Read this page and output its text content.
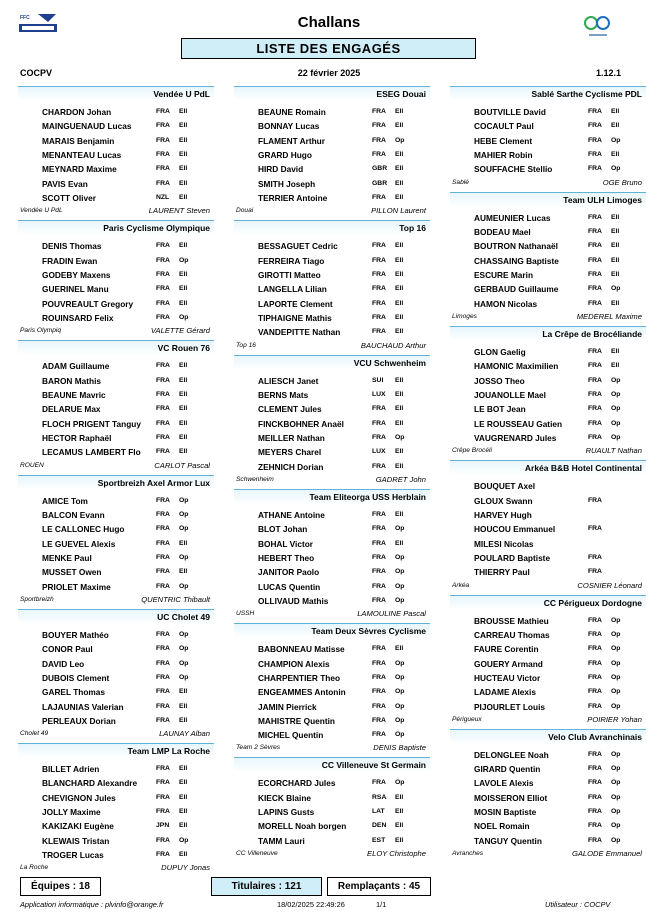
FFC	Challans
LISTE DES ENGAGÉS
COCPV	22 février 2025	1.12.1
Vendée U PdL
CHARDON Johan	FRA Ell
MAINGUENAUD Lucas	FRA Ell
MARAIS Benjamin	FRA Ell
MENANTEAU Lucas	FRA Ell
MEYNARD Maxime	FRA Ell
PAVIS Evan	FRA Ell
SCOTT Oliver	NZL Ell
Vendée U PdL	LAURENT Steven
Paris Cyclisme Olympique
DENIS Thomas	FRA Ell
FRADIN Ewan	FRA Op
GODEBY Maxens	FRA Ell
GUERINEL Manu	FRA Ell
POUVREAULT Gregory	FRA Ell
ROUINSARD Felix	FRA Op
Paris Olympiq	VALETTE Gérard
VC Rouen 76
ADAM Guillaume	FRA Ell
BARON Mathis	FRA Ell
BEAUNE Mavric	FRA Ell
DELARUE Max	FRA Ell
FLOCH PRIGENT Tanguy FRA Ell
HECTOR Raphaël	FRA Ell
LECAMUS LAMBERT Flo FRA Ell
ROUEN	CARLOT Pascal
Sportbreizh Axel Armor Lux
AMICE Tom	FRA Op
BALCON Evann	FRA Op
LE CALLONEC Hugo	FRA Op
LE GUEVEL Alexis	FRA Ell
MENKE Paul	FRA Op
MUSSET Owen	FRA Ell
PRIOLET Maxime	FRA Op
Sportbreizh	QUENTRIC Thibault
UC Cholet 49
BOUYER Mathéo	FRA Op
CONOR Paul	FRA Op
DAVID Leo	FRA Op
DUBOIS Clement	FRA Op
GAREL Thomas	FRA Ell
LAJAUNIAS Valerian	FRA Ell
PERLEAUX Dorian	FRA Ell
Cholet 49	LAUNAY Alban
Team LMP La Roche
BILLET Adrien	FRA Ell
BLANCHARD Alexandre	FRA Ell
CHEVIGNON Jules	FRA Ell
JOLLY Maxime	FRA Ell
KAKIZAKI Eugène	JPN Ell
KLEWAIS Tristan	FRA Op
TROGER Lucas	FRA Ell
La Roche	DUPUY Jonas
ESEG Douai
BEAUNE Romain	FRA Ell
BONNAY Lucas	FRA Ell
FLAMENT Arthur	FRA Op
GRARD Hugo	FRA Ell
HIRD David	GBR Ell
SMITH Joseph	GBR Ell
TERRIER Antoine	FRA Ell
Douai	PILLON Laurent
Top 16
BESSAGUET Cedric	FRA Ell
FERREIRA Tiago	FRA Ell
GIROTTI Matteo	FRA Ell
LANGELLA Lilian	FRA Ell
LAPORTE Clement	FRA Ell
TIPHAIGNE Mathis	FRA Ell
VANDEPITTE Nathan	FRA Ell
Top 16	BAUCHAUD Arthur
VCU Schwenheim
ALIESCH Janet	SUI Ell
BERNS Mats	LUX Ell
CLEMENT Jules	FRA Ell
FINCKBOHNER Anaël	FRA Ell
MEILLER Nathan	FRA Op
MEYERS Charel	LUX Ell
ZEHNICH Dorian	FRA Ell
Schwenheim	GADRET John
Team Eliteorga USS Herblain
ATHANE Antoine	FRA Ell
BLOT Johan	FRA Op
BOHAL Victor	FRA Ell
HEBERT Theo	FRA Op
JANITOR Paolo	FRA Op
LUCAS Quentin	FRA Op
OLLIVAUD Mathis	FRA Op
USSH	LAMOULINE Pascal
Team Deux Sèvres Cyclisme
BABONNEAU Matisse	FRA Ell
CHAMPION Alexis	FRA Op
CHARPENTIER Theo	FRA Op
ENGEAMMES Antonin	FRA Op
JAMIN Pierrick	FRA Op
MAHISTRE Quentin	FRA Op
MICHEL Quentin	FRA Op
Team 2 Sèvres	DENIS Baptiste
CC Villeneuve St Germain
ECORCHARD Jules	FRA Op
KIECK Blaine	RSA Ell
LAPINS Gusts	LAT Ell
MORELL Noah borgen	DEN Ell
TAMM Lauri	EST Ell
CC Villeneuve	ELOY Christophe
Sablé Sarthe Cyclisme PDL
BOUTVILLE David	FRA Ell
COCAULT Paul	FRA Ell
HEBE Clement	FRA Op
MAHIER Robin	FRA Ell
SOUFFACHE Stellio	FRA Op
Sablé	OGE Bruno
Team ULH Limoges
AUMEUNIER Lucas	FRA Ell
BODEAU Mael	FRA Ell
BOUTRON Nathanaël	FRA Ell
CHASSAING Baptiste	FRA Ell
ESCURE Marin	FRA Ell
GERBAUD Guillaume	FRA Op
HAMON Nicolas	FRA Ell
Limoges	MEDEREL Maxime
La Crêpe de Brocéliande
GLON Gaelig	FRA Ell
HAMONIC Maximilien	FRA Ell
JOSSO Theo	FRA Op
JOUANOLLE Mael	FRA Op
LE BOT Jean	FRA Op
LE ROUSSEAU Gatien	FRA Op
VAUGRENARD Jules	FRA Op
Crêpe Brocéli	RUAULT Nathan
Arkéa B&B Hotel Continental
BOUQUET Axel
GLOUX Swann	FRA
HARVEY Hugh
HOUCOU Emmanuel	FRA
MILESI Nicolas
POULARD Baptiste	FRA
THIERRY Paul	FRA
Arkéa	COSNIER Léonard
CC Périgueux Dordogne
BROUSSE Mathieu	FRA Op
CARREAU Thomas	FRA Op
FAURE Corentin	FRA Op
GOUERY Armand	FRA Op
HUCTEAU Victor	FRA Op
LADAME Alexis	FRA Op
PIJOURLET Louis	FRA Op
Périgueux	POIRIER Yohan
Velo Club Avranchinais
DELONGLEE Noah	FRA Op
GIRARD Quentin	FRA Op
LAVOLE Alexis	FRA Op
MOISSERON Elliot	FRA Op
MOSIN Baptiste	FRA Op
NOEL Romain	FRA Op
TANGUY Quentin	FRA Op
Avranches	GALODE Emmanuel
Équipes : 18	Titulaires : 121	Remplaçants : 45
Application informatique : plvinfo@orange.fr	18/02/2025 22:49:26	1/1	Utilisateur : COCPV
